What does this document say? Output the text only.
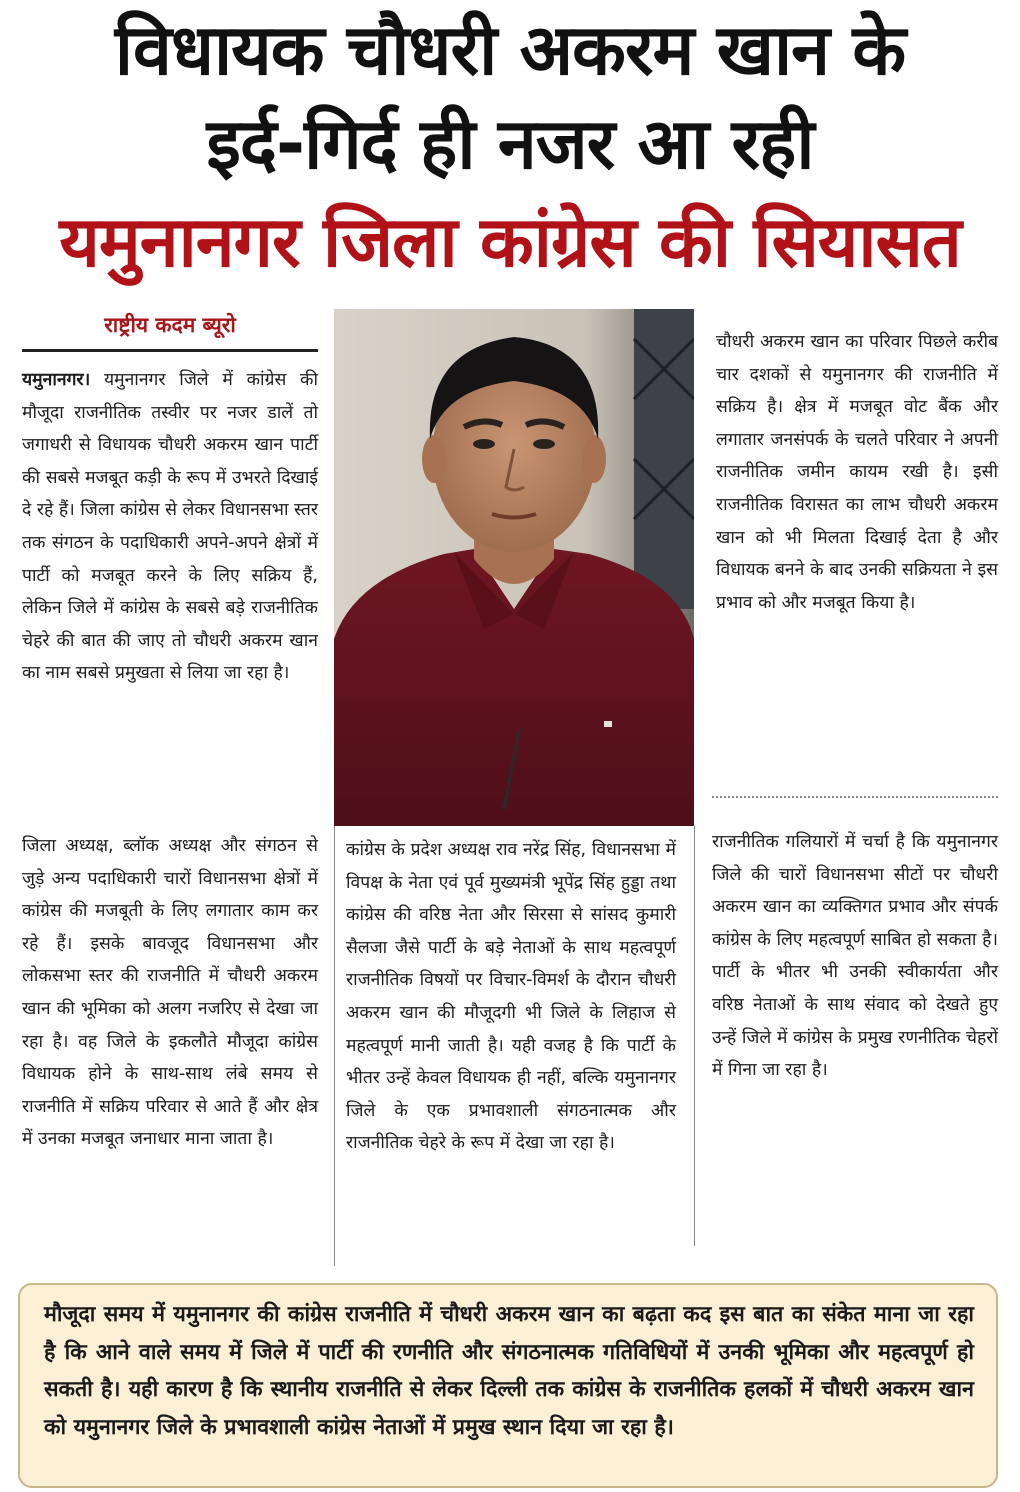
विधायक चौधरी अकरम खान के
इर्द-गिर्द ही नजर आ रही
यमुनानगर जिला कांग्रेस की सियासत
राष्ट्रीय कदम ब्यूरो
यमुनानगर। यमुनानगर जिले में कांग्रेस की मौजूदा राजनीतिक तस्वीर पर नजर डालें तो जगाधरी से विधायक चौधरी अकरम खान पार्टी की सबसे मजबूत कड़ी के रूप में उभरते दिखाई दे रहे हैं। जिला कांग्रेस से लेकर विधानसभा स्तर तक संगठन के पदाधिकारी अपने-अपने क्षेत्रों में पार्टी को मजबूत करने के लिए सक्रिय हैं, लेकिन जिले में कांग्रेस के सबसे बड़े राजनीतिक चेहरे की बात की जाए तो चौधरी अकरम खान का नाम सबसे प्रमुखता से लिया जा रहा है।
जिला अध्यक्ष, ब्लॉक अध्यक्ष और संगठन से जुड़े अन्य पदाधिकारी चारों विधानसभा क्षेत्रों में कांग्रेस की मजबूती के लिए लगातार काम कर रहे हैं। इसके बावजूद विधानसभा और लोकसभा स्तर की राजनीति में चौधरी अकरम खान की भूमिका को अलग नजरिए से देखा जा रहा है। वह जिले के इकलौते मौजूदा कांग्रेस विधायक होने के साथ-साथ लंबे समय से राजनीति में सक्रिय परिवार से आते हैं और क्षेत्र में उनका मजबूत जनाधार माना जाता है।
कांग्रेस के प्रदेश अध्यक्ष राव नरेंद्र सिंह, विधानसभा में विपक्ष के नेता एवं पूर्व मुख्यमंत्री भूपेंद्र सिंह हुड्डा तथा कांग्रेस की वरिष्ठ नेता और सिरसा से सांसद कुमारी सैलजा जैसे पार्टी के बड़े नेताओं के साथ महत्वपूर्ण राजनीतिक विषयों पर विचार-विमर्श के दौरान चौधरी अकरम खान की मौजूदगी भी जिले के लिहाज से महत्वपूर्ण मानी जाती है। यही वजह है कि पार्टी के भीतर उन्हें केवल विधायक ही नहीं, बल्कि यमुनानगर जिले के एक प्रभावशाली संगठनात्मक और राजनीतिक चेहरे के रूप में देखा जा रहा है।
चौधरी अकरम खान का परिवार पिछले करीब चार दशकों से यमुनानगर की राजनीति में सक्रिय है। क्षेत्र में मजबूत वोट बैंक और लगातार जनसंपर्क के चलते परिवार ने अपनी राजनीतिक जमीन कायम रखी है। इसी राजनीतिक विरासत का लाभ चौधरी अकरम खान को भी मिलता दिखाई देता है और विधायक बनने के बाद उनकी सक्रियता ने इस प्रभाव को और मजबूत किया है।
राजनीतिक गलियारों में चर्चा है कि यमुनानगर जिले की चारों विधानसभा सीटों पर चौधरी अकरम खान का व्यक्तिगत प्रभाव और संपर्क कांग्रेस के लिए महत्वपूर्ण साबित हो सकता है। पार्टी के भीतर भी उनकी स्वीकार्यता और वरिष्ठ नेताओं के साथ संवाद को देखते हुए उन्हें जिले में कांग्रेस के प्रमुख रणनीतिक चेहरों में गिना जा रहा है।
मौजूदा समय में यमुनानगर की कांग्रेस राजनीति में चौधरी अकरम खान का बढ़ता कद इस बात का संकेत माना जा रहा है कि आने वाले समय में जिले में पार्टी की रणनीति और संगठनात्मक गतिविधियों में उनकी भूमिका और महत्वपूर्ण हो सकती है। यही कारण है कि स्थानीय राजनीति से लेकर दिल्ली तक कांग्रेस के राजनीतिक हलकों में चौधरी अकरम खान को यमुनानगर जिले के प्रभावशाली कांग्रेस नेताओं में प्रमुख स्थान दिया जा रहा है।
